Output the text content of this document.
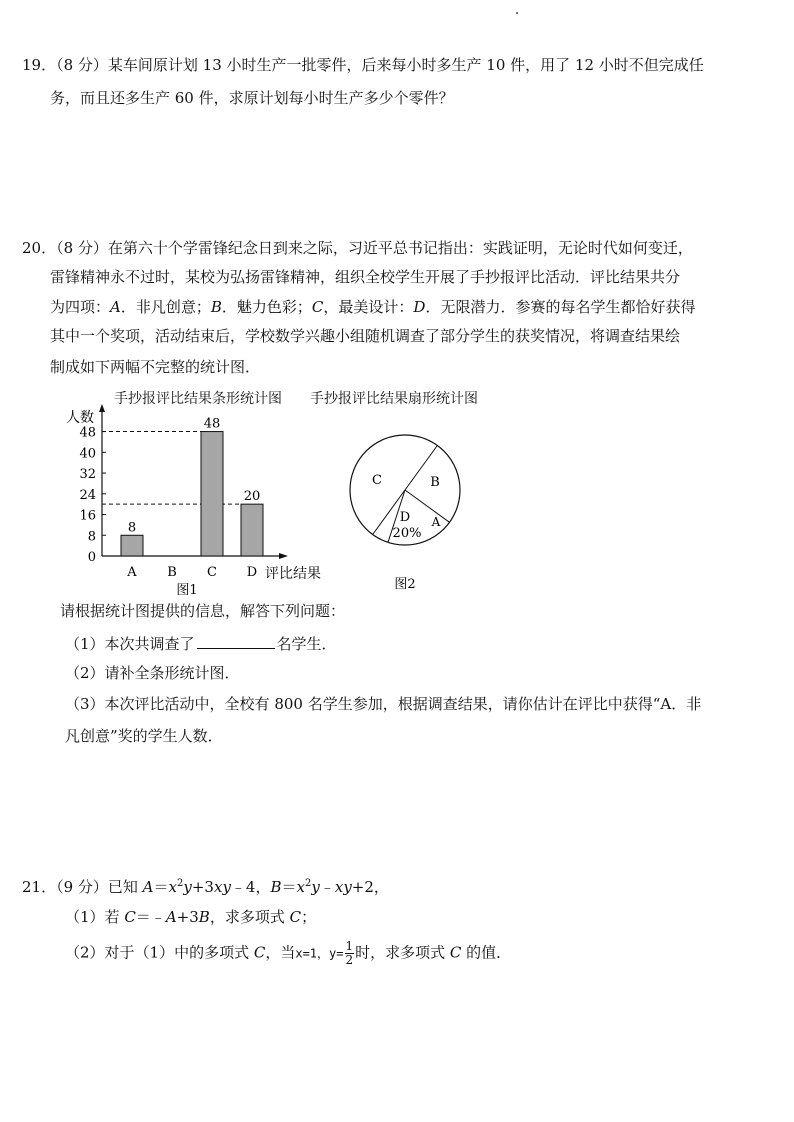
19．（8 分）某车间原计划 13 小时生产一批零件，后来每小时多生产 10 件，用了 12 小时不但完成任
务，而且还多生产 60 件，求原计划每小时生产多少个零件？
20．（8 分）在第六十个学雷锋纪念日到来之际，习近平总书记指出：实践证明，无论时代如何变迁，
雷锋精神永不过时，某校为弘扬雷锋精神，组织全校学生开展了手抄报评比活动．评比结果共分
为四项：A．非凡创意；B．魅力色彩；C，最美设计：D．无限潜力．参赛的每名学生都恰好获得
其中一个奖项，活动结束后，学校数学兴趣小组随机调查了部分学生的获奖情况，将调查结果绘
制成如下两幅不完整的统计图．
手抄报评比结果条形统计图 手抄报评比结果扇形统计图
人数
0
8
16
24
32
40
48
8
A B
48
C
20
D 评比结果
图1
C	B
A
D
20%
图2
请根据统计图提供的信息，解答下列问题：
（1）本次共调查了	名学生．
（2）请补全条形统计图．
（3）本次评比活动中，全校有 800 名学生参加，根据调查结果，请你估计在评比中获得“A．非
凡创意”奖的学生人数．
21．（9 分）已知 $A=x^2y+3xy﹣4$，$B=x^2y﹣xy+2$，
（1）若 C＝﹣A+3B，求多项式 C；
（2）对于（1）中的多项式 C，当x=1，$y= \frac{1}{2}$ 时，求多项式 C 的值．
